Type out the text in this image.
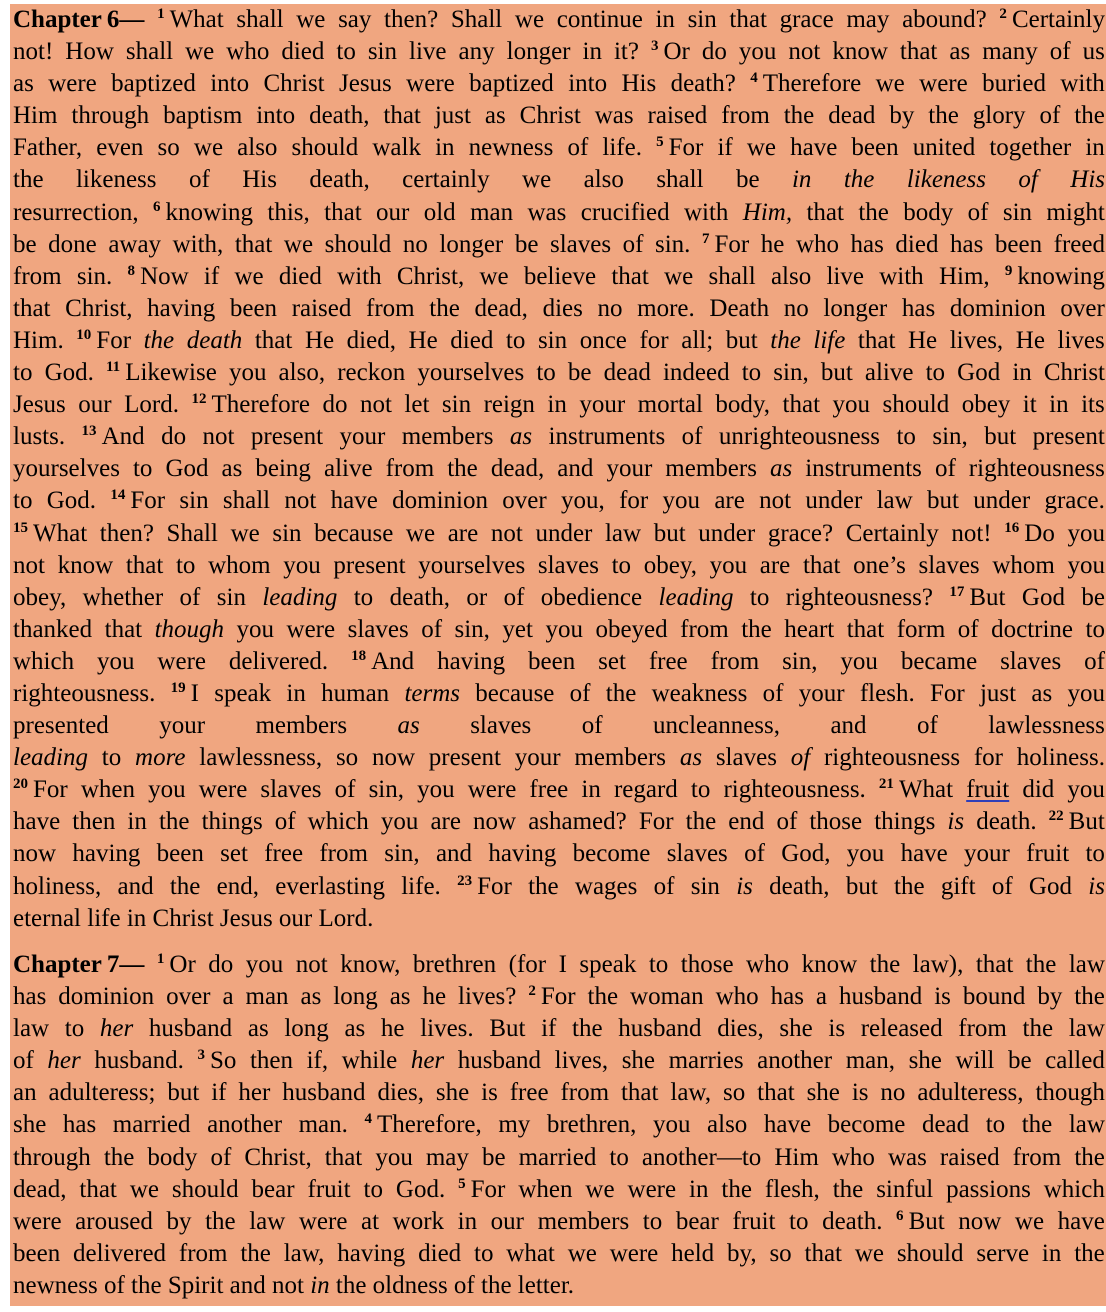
Chapter  6— $^1$  What shall we say then? Shall we continue in sin that grace may abound? $^2$  Certainly
not! How shall we who died to sin live any longer in it? $^3$  Or do you not know that as many of us
as were baptized into Christ Jesus were baptized into His death? $^4$  Therefore we were buried with
Him through baptism into death, that just as Christ was raised from the dead by the glory of the
Father, even so we also should walk in newness of life. $^5$  For if we have been united together in
the likeness of His death, certainly we also shall be in the likeness of His
resurrection, $^6$  knowing this, that our old man was crucified with Him, that the body of sin might
be done away with, that we should no longer be slaves of sin. $^7$  For he who has died has been freed
from sin. $^8$  Now if we died with Christ, we believe that we shall also live with Him, $^9$  knowing
that Christ, having been raised from the dead, dies no more. Death no longer has dominion over
Him. $^{10}$  For the death that He died, He died to sin once for all; but the life that He lives, He lives
to God. $^{11}$  Likewise you also, reckon yourselves to be dead indeed to sin, but alive to God in Christ
Jesus our Lord. $^{12}$  Therefore do not let sin reign in your mortal body, that you should obey it in its
lusts. $^{13}$  And do not present your members as instruments of unrighteousness to sin, but present
yourselves to God as being alive from the dead, and your members as instruments of righteousness
to God. $^{14}$  For sin shall not have dominion over you, for you are not under law but under grace.
$^{15}$  What then? Shall we sin because we are not under law but under grace? Certainly not! $^{16}$  Do you
not know that to whom you present yourselves slaves to obey, you are that one’s slaves whom you
obey, whether of sin leading to death, or of obedience leading to righteousness? $^{17}$  But God be
thanked that though you were slaves of sin, yet you obeyed from the heart that form of doctrine to
which you were delivered. $^{18}$  And having been set free from sin, you became slaves of
righteousness. $^{19}$  I speak in human terms because of the weakness of your flesh. For just as you
presented your members as slaves of uncleanness, and of lawlessness
leading to more lawlessness, so now present your members as slaves of righteousness for holiness.
$^{20}$  For when you were slaves of sin, you were free in regard to righteousness. $^{21}$  What fruit did you
have then in the things of which you are now ashamed? For the end of those things is death. $^{22}$  But
now having been set free from sin, and having become slaves of God, you have your fruit to
holiness, and the end, everlasting life. $^{23}$  For the wages of sin is death, but the gift of God is
eternal life in Christ Jesus our Lord.
Chapter  7— $^1$  Or do you not know, brethren (for I speak to those who know the law), that the law
has dominion over a man as long as he lives? $^2$  For the woman who has a husband is bound by the
law to her husband as long as he lives. But if the husband dies, she is released from the law
of her husband. $^3$  So then if, while her husband lives, she marries another man, she will be called
an adulteress; but if her husband dies, she is free from that law, so that she is no adulteress, though
she has married another man. $^4$  Therefore, my brethren, you also have become dead to the law
through the body of Christ, that you may be married to another—to Him who was raised from the
dead, that we should bear fruit to God. $^5$  For when we were in the flesh, the sinful passions which
were aroused by the law were at work in our members to bear fruit to death. $^6$  But now we have
been delivered from the law, having died to what we were held by, so that we should serve in the
newness of the Spirit and not in the oldness of the letter.
